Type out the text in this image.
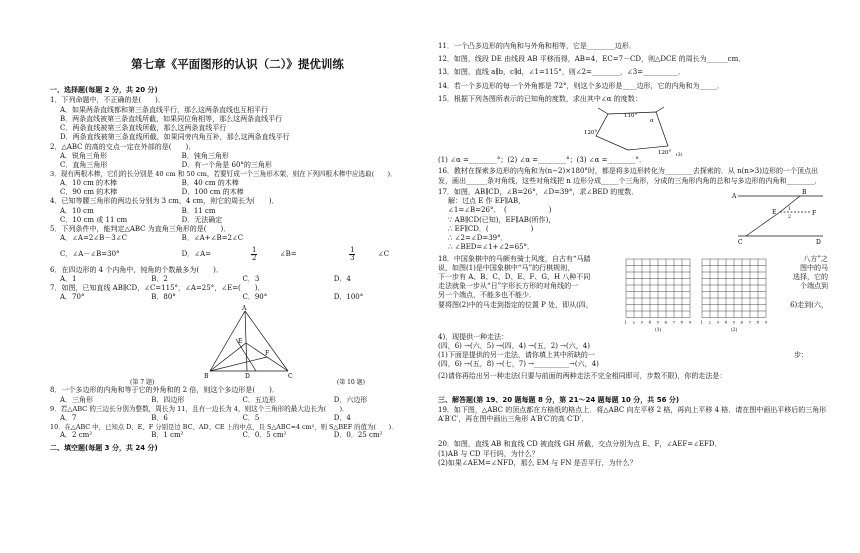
第七章《平面图形的认识（二）》提优训练
一、选择题(每题 2 分，共 20 分)
1．下列命题中，不正确的是(　　)．
A．如果两条直线都和第三条直线平行，那么这两条直线也互相平行
B．两条直线被第三条直线所截，如果同位角相等，那么这两条直线平行
C．两条直线被第三条直线所截，那么这两条直线平行
D．两条直线被第三条直线所截，如果同旁内角互补，那么这两条直线平行
2．△ABC 的高的交点一定在外部的是(　　)．
A．锐角三角形	B．钝角三角形
C．直角三角形	D．有一个角是 60°的三角形
3．现有两根木棒，它们的长分别是 40 cm 和 50 cm，若要钉成一个三角形木架，则在下列四根木棒中应选取(　　)．
A．10 cm 的木棒	B．40 cm 的木棒
C．90 cm 的木棒	D．100 cm 的木棒
4．已知等腰三角形的两边长分别为 3 cm，4 cm，则它的周长为(　　)．
A．10 cm	B．11 cm
C．10 cm 或 11 cm	D．无法确定
5．下列条件中，能判定△ABC 为直角三角形的是(　　)．
A．∠A=2∠B－3∠C	B．∠A+∠B=2∠C
C．∠A－∠B=30°	D．∠A=	1
2
∠B=	1
3
∠C
6．在四边形的 4 个内角中，钝角的个数最多为(　　)．
A．1	B．2	C．3	D．4
7．如图，已知直线 AB∥CD，∠C=115°，∠A=25°，∠E=(　　)．
A．70°	B．80°	C．90°	D．100°
A
E
F
B	D	C
(第 7 题)	(第 10 题)
8．一个多边形的内角和等于它的外角和的 2 倍，则这个多边形是(　　)．
A．三角形	B．四边形	C．五边形	D．六边形
9．若△ABC 的三边长分别为整数，周长为 11，且有一边长为 4，则这个三角形的最大边长为(　　)．
A．7	B．6	C．5	D．4
10．在△ABC 中，已知点 D、E、F 分别是边 BC、AD、CE 上的中点，且 S△ABC=4 cm²，则 S△BEF 的值为(　　)．
A．2 cm²	B．1 cm²	C．0．5 cm²	D．0．25 cm²
二、填空题(每题 3 分，共 24 分)
11．一个凸多边形的内角和与外角和相等，它是________边形．
12．如图，线段 DE 由线段 AB 平移而得，AB=4，EC=7－CD，则△DCE 的周长为______cm．
13．如图，直线 a∥b，c∥d，∠1=115°，则∠2=________，∠3=__________．
14．若一个多边形的每一个外角都是 72°，则这个多边形是____边形，它的内角和为_____．
15．根据下列各图所表示的已知角的度数，求出其中∠α 的度数：
110°
120°
120°
α
(3)
(1) ∠α =________°；(2) ∠α =________°；(3) ∠α =________°．
16．教材在探索多边形的内角和为(n−2)×180°时，都是将多边形转化为________去探索的．从 n(n>3)边形的一个顶点出发，画出______条对角线，这些对角线把 n 边形分成_____个三角形，分成的三角形内角的总和与多边形的内角和________．
17．如图，AB∥CD，∠B=26°，∠D=39°，求∠BED 的度数．
解：过点 E 作 EF∥AB，
∠1=∠B=26°．　(　　　　　　)
∵ AB∥CD(已知)，EF∥AB(所作)，
∴ EF∥CD．(　　　　　　)
∴ ∠2=∠D=39°．
∴ ∠BED=∠1+∠2=65°．
A
B
C	D
E	F
1
2
18．中国象棋中的马颇有骑士风度，自古有“马踏
说，如图(1)是中国象棋中“马”的行棋规则，
下一步有 A、B、C、D、E、F、G、H 八种不同
走法就象一步从“日”字形长方形的对角线的一
另一个端点，不能多也不能少．
要将图(2)中的马走到指定的位置 P 处，即从(四，
1 2 3 4 5 6 7 8 9
(1)
1 2 3 4 5 6 7 8 9
(2)
八方”之
图中的马
选择，它的
个端点到
6)走到(六，
4)，现提供一种走法：
(四，6) →(六，5) →(四，4) →(五，2) →(六，4)
(1)下面是提供的另一走法，请你填上其中所缺的一	步：
(四，6) →(五，8) →(七，7) →__________→(六，4)
(2)请你再给出另一种走法(只要与前面的两种走法不完全相同即可，步数不限)，你的走法是：
三、解答题(第 19、20 题每题 8 分，第 21～24 题每题 10 分，共 56 分)
19．如下图，△ABC 的顶点都在方格纸的格点上．将△ABC 向左平移 2 格，再向上平移 4 格．请在图中画出平移后的三角形 A′B′C′，再在图中画出三角形 A′B′C′的高 C′D′．
20．如图，直线 AB 和直线 CD 被直线 GH 所截，交点分别为点 E、F，∠AEF=∠EFD．
(1)AB 与 CD 平行吗，为什么？
(2)如果∠AEM=∠NFD，那么 EM 与 FN 是否平行，为什么？
